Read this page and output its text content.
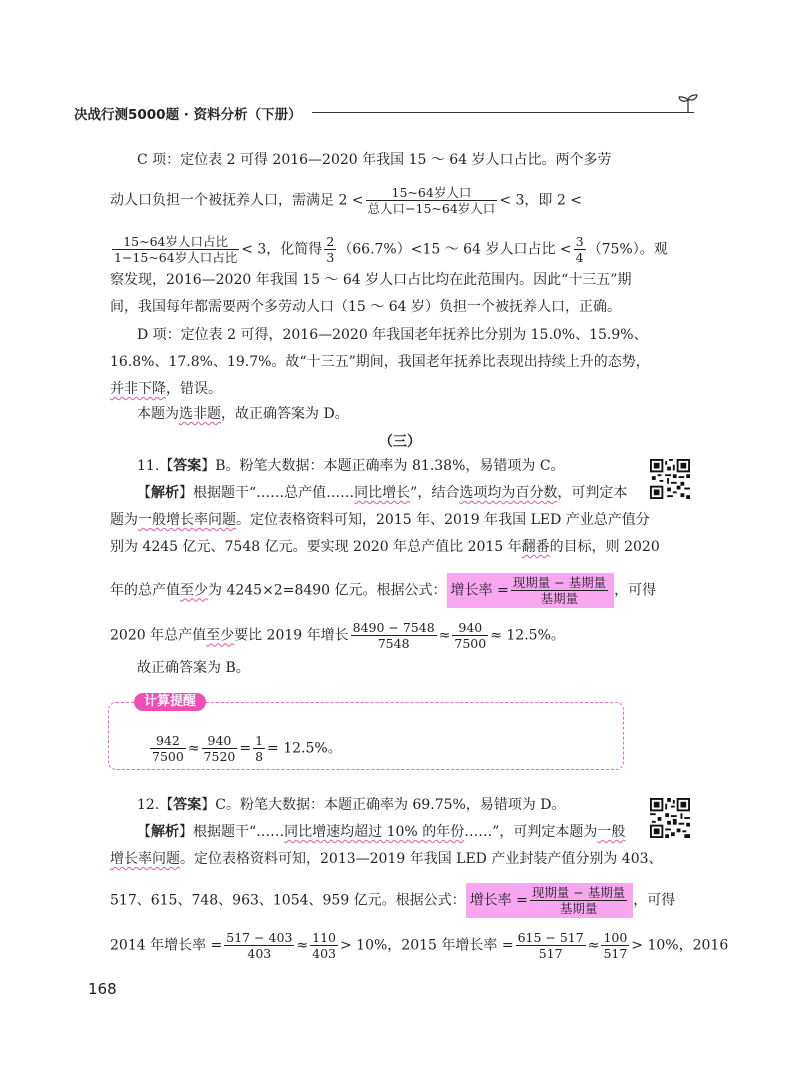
决战行测5000题 · 资料分析（下册）
C 项：定位表 2 可得 2016—2020 年我国 15 ～ 64 岁人口占比。两个多劳
动人口负担一个被抚养人口，需满足 $2 < \frac{\text{15\textasciitilde{}64岁人口}}{\text{总人口−15\textasciitilde{}64岁人口}} < 3$，即 2 <
$\frac{\text{15\textasciitilde{}64岁人口占比}}{\text{1−15\textasciitilde{}64岁人口占比}} < 3$，化简得 $\frac{2}{3} (66.7\%)<15$ ～ 64 岁人口占比 < $\frac{3}{4} (75\%)$。观
察发现，2016—2020 年我国 15 ～ 64 岁人口占比均在此范围内。因此“十三五”期
间，我国每年都需要两个多劳动人口（15 ～ 64 岁）负担一个被抚养人口，正确。
D 项：定位表 2 可得，2016—2020 年我国老年抚养比分别为 15.0%、15.9%、
16.8%、17.8%、19.7%。故“十三五”期间，我国老年抚养比表现出持续上升的态势，
并非下降，错误。
本题为选非题，故正确答案为 D。
（三）
11.【答案】B。粉笔大数据：本题正确率为 81.38%，易错项为 C。
【解析】根据题干“……总产值……同比增长”，结合选项均为百分数，可判定本
题为一般增长率问题。定位表格资料可知，2015 年、2019 年我国 LED 产业总产值分
别为 4245 亿元、7548 亿元。要实现 2020 年总产值比 2015 年翻番的目标，则 2020
年的总产值至少为 4245×2=8490 亿元。根据公式： 增长率 = $\frac{\text{现期量 − 基期量}}{\text{基期量}}$ ，可得
2020 年总产值至少要比 2019 年增长 $\frac{8490 - 7548}{7548} \approx \frac{940}{7500} \approx 12.5\%$。
故正确答案为 B。
计算提醒
$\frac{942}{7500} \approx \frac{940}{7520} = \frac{1}{8} = 12.5\%$。
12.【答案】C。粉笔大数据：本题正确率为 69.75%，易错项为 D。
【解析】根据题干“……同比增速均超过 10% 的年份……”，可判定本题为一般
增长率问题。定位表格资料可知，2013—2019 年我国 LED 产业封装产值分别为 403、
517、615、748、963、1054、959 亿元。根据公式： 增长率 = $\frac{\text{现期量 − 基期量}}{\text{基期量}}$ ，可得
2014 年增长率 = $\frac{517 - 403}{403} \approx \frac{110}{403} > 10\%$，2015 年增长率 = $\frac{615 - 517}{517} \approx \frac{100}{517} > 10\%$，2016
168
